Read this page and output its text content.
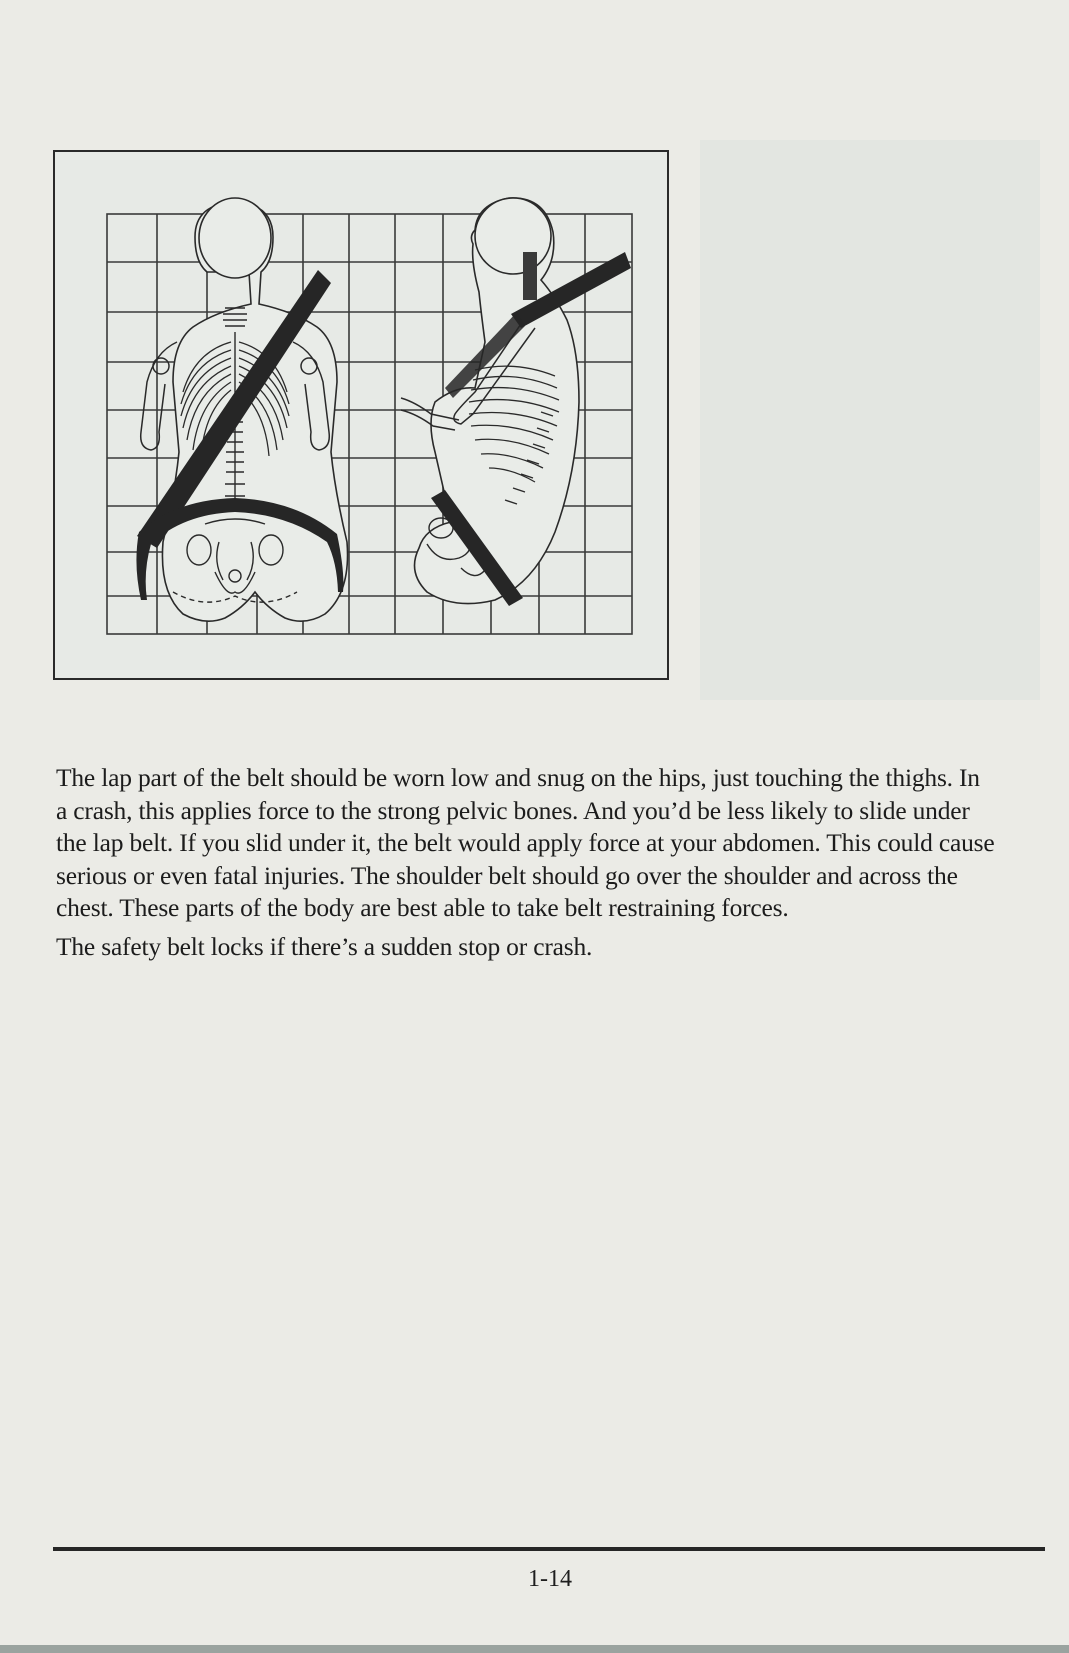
The lap part of the belt should be worn low and snug on the hips, just touching the thighs. In a crash, this applies force to the strong pelvic bones. And you’d be less likely to slide under the lap belt. If you slid under it, the belt would apply force at your abdomen. This could cause serious or even fatal injuries. The shoulder belt should go over the shoulder and across the chest. These parts of the body are best able to take belt restraining forces.

The safety belt locks if there’s a sudden stop or crash.

1-14
